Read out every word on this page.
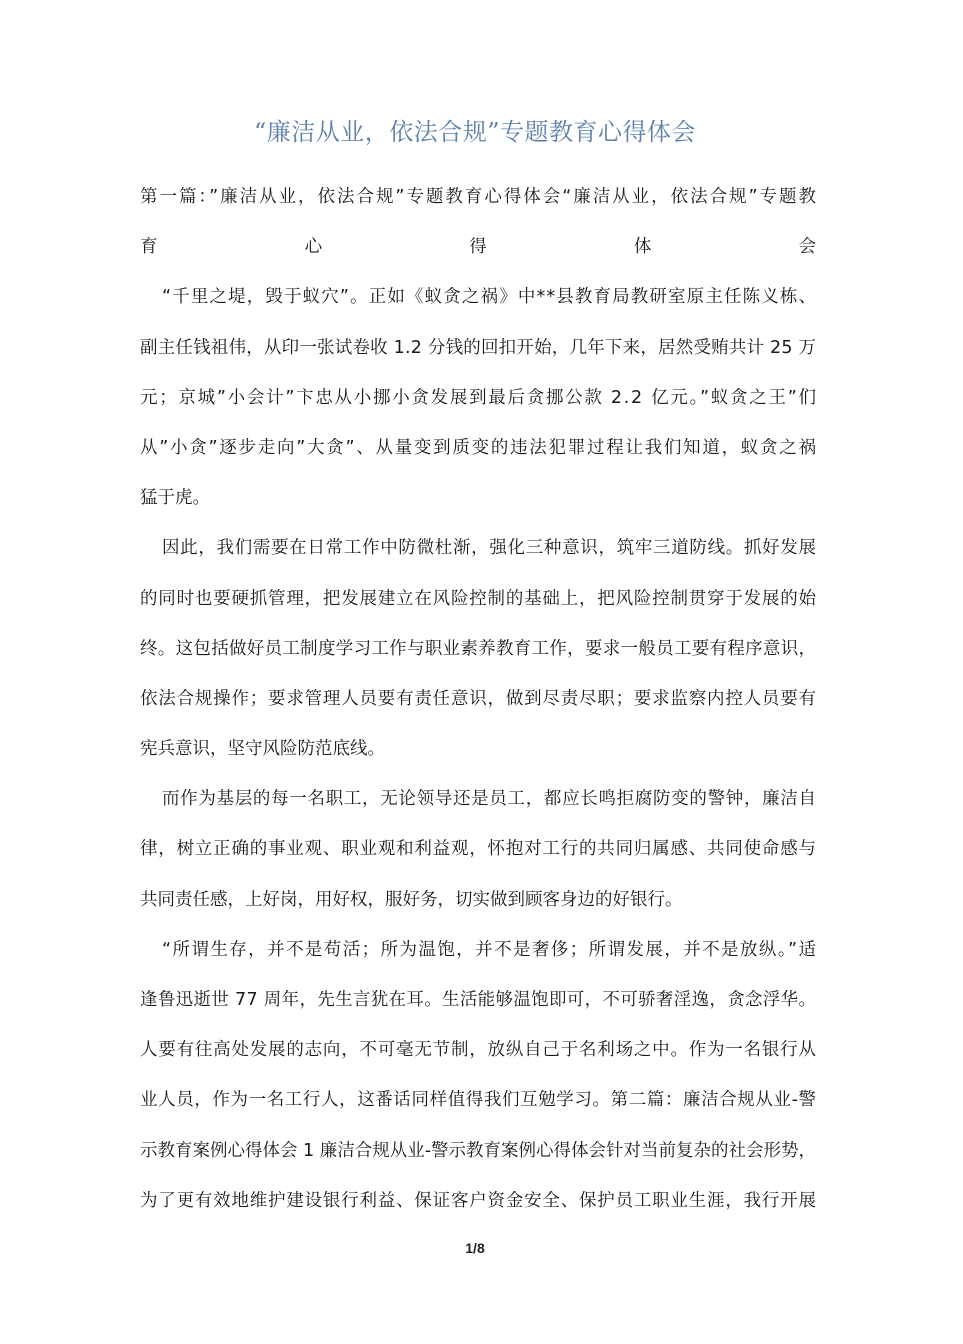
“廉洁从业，依法合规”专题教育心得体会
第一篇：”廉洁从业，依法合规”专题教育心得体会“廉洁从业，依法合规”专题教
育心得体会
“千里之堤，毁于蚁穴”。正如《蚁贪之祸》中**县教育局教研室原主任陈义栋、
副主任钱祖伟，从印一张试卷收 1.2 分钱的回扣开始，几年下来，居然受贿共计 25 万
元；京城”小会计”卞忠从小挪小贪发展到最后贪挪公款 2.2 亿元。”蚁贪之王”们
从”小贪”逐步走向”大贪”、从量变到质变的违法犯罪过程让我们知道，蚁贪之祸
猛于虎。
因此，我们需要在日常工作中防微杜渐，强化三种意识，筑牢三道防线。抓好发展
的同时也要硬抓管理，把发展建立在风险控制的基础上，把风险控制贯穿于发展的始
终。这包括做好员工制度学习工作与职业素养教育工作，要求一般员工要有程序意识，
依法合规操作；要求管理人员要有责任意识，做到尽责尽职；要求监察内控人员要有
宪兵意识，坚守风险防范底线。
而作为基层的每一名职工，无论领导还是员工，都应长鸣拒腐防变的警钟，廉洁自
律，树立正确的事业观、职业观和利益观，怀抱对工行的共同归属感、共同使命感与
共同责任感，上好岗，用好权，服好务，切实做到顾客身边的好银行。
“所谓生存，并不是苟活；所为温饱，并不是奢侈；所谓发展，并不是放纵。”适
逢鲁迅逝世 77 周年，先生言犹在耳。生活能够温饱即可，不可骄奢淫逸，贪念浮华。
人要有往高处发展的志向，不可毫无节制，放纵自己于名利场之中。作为一名银行从
业人员，作为一名工行人，这番话同样值得我们互勉学习。第二篇：廉洁合规从业-警
示教育案例心得体会 1 廉洁合规从业-警示教育案例心得体会针对当前复杂的社会形势，
为了更有效地维护建设银行利益、保证客户资金安全、保护员工职业生涯，我行开展
1/8
